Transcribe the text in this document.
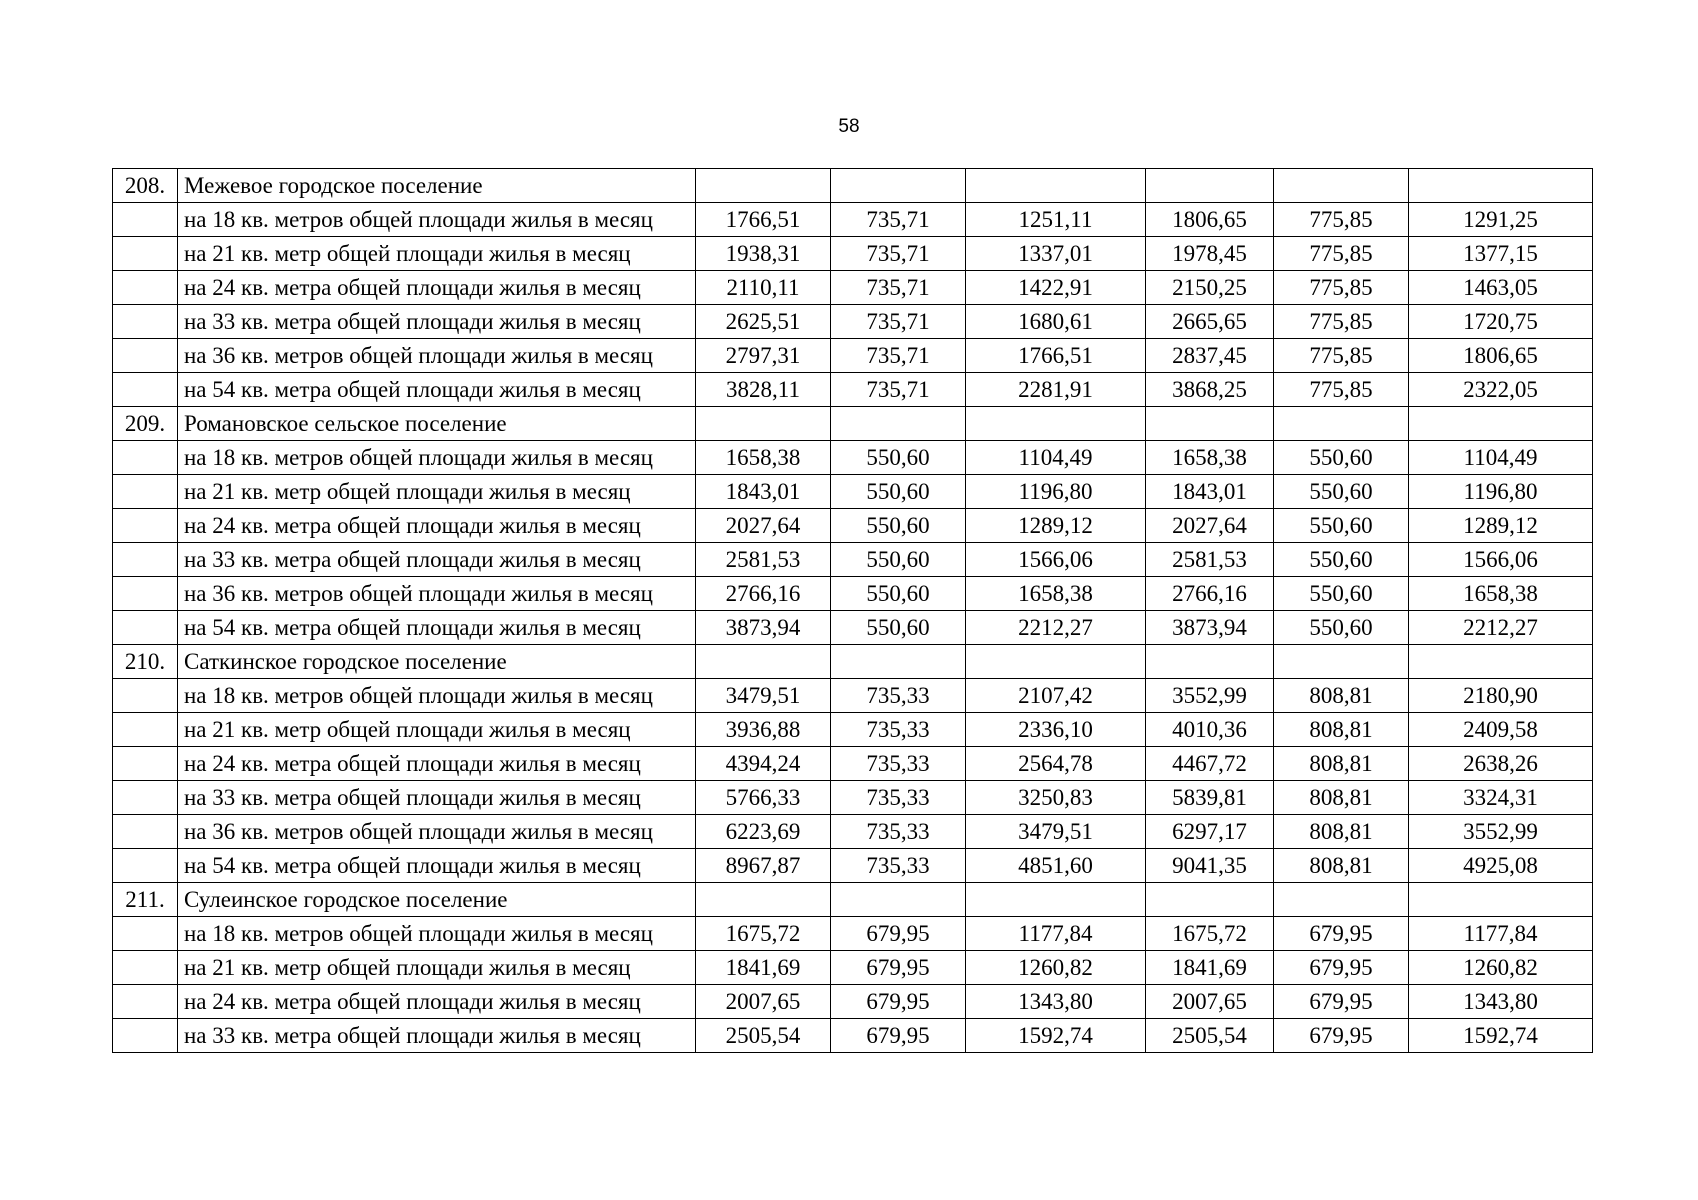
58
208.	Межевое городское поселение						
	на 18 кв. метров общей площади жилья в месяц	1766,51	735,71	1251,11	1806,65	775,85	1291,25
	на 21 кв. метр общей площади жилья в месяц	1938,31	735,71	1337,01	1978,45	775,85	1377,15
	на 24 кв. метра общей площади жилья в месяц	2110,11	735,71	1422,91	2150,25	775,85	1463,05
	на 33 кв. метра общей площади жилья в месяц	2625,51	735,71	1680,61	2665,65	775,85	1720,75
	на 36 кв. метров общей площади жилья в месяц	2797,31	735,71	1766,51	2837,45	775,85	1806,65
	на 54 кв. метра общей площади жилья в месяц	3828,11	735,71	2281,91	3868,25	775,85	2322,05
209.	Романовское сельское поселение						
	на 18 кв. метров общей площади жилья в месяц	1658,38	550,60	1104,49	1658,38	550,60	1104,49
	на 21 кв. метр общей площади жилья в месяц	1843,01	550,60	1196,80	1843,01	550,60	1196,80
	на 24 кв. метра общей площади жилья в месяц	2027,64	550,60	1289,12	2027,64	550,60	1289,12
	на 33 кв. метра общей площади жилья в месяц	2581,53	550,60	1566,06	2581,53	550,60	1566,06
	на 36 кв. метров общей площади жилья в месяц	2766,16	550,60	1658,38	2766,16	550,60	1658,38
	на 54 кв. метра общей площади жилья в месяц	3873,94	550,60	2212,27	3873,94	550,60	2212,27
210.	Саткинское городское поселение						
	на 18 кв. метров общей площади жилья в месяц	3479,51	735,33	2107,42	3552,99	808,81	2180,90
	на 21 кв. метр общей площади жилья в месяц	3936,88	735,33	2336,10	4010,36	808,81	2409,58
	на 24 кв. метра общей площади жилья в месяц	4394,24	735,33	2564,78	4467,72	808,81	2638,26
	на 33 кв. метра общей площади жилья в месяц	5766,33	735,33	3250,83	5839,81	808,81	3324,31
	на 36 кв. метров общей площади жилья в месяц	6223,69	735,33	3479,51	6297,17	808,81	3552,99
	на 54 кв. метра общей площади жилья в месяц	8967,87	735,33	4851,60	9041,35	808,81	4925,08
211.	Сулеинское городское поселение						
	на 18 кв. метров общей площади жилья в месяц	1675,72	679,95	1177,84	1675,72	679,95	1177,84
	на 21 кв. метр общей площади жилья в месяц	1841,69	679,95	1260,82	1841,69	679,95	1260,82
	на 24 кв. метра общей площади жилья в месяц	2007,65	679,95	1343,80	2007,65	679,95	1343,80
	на 33 кв. метра общей площади жилья в месяц	2505,54	679,95	1592,74	2505,54	679,95	1592,74
